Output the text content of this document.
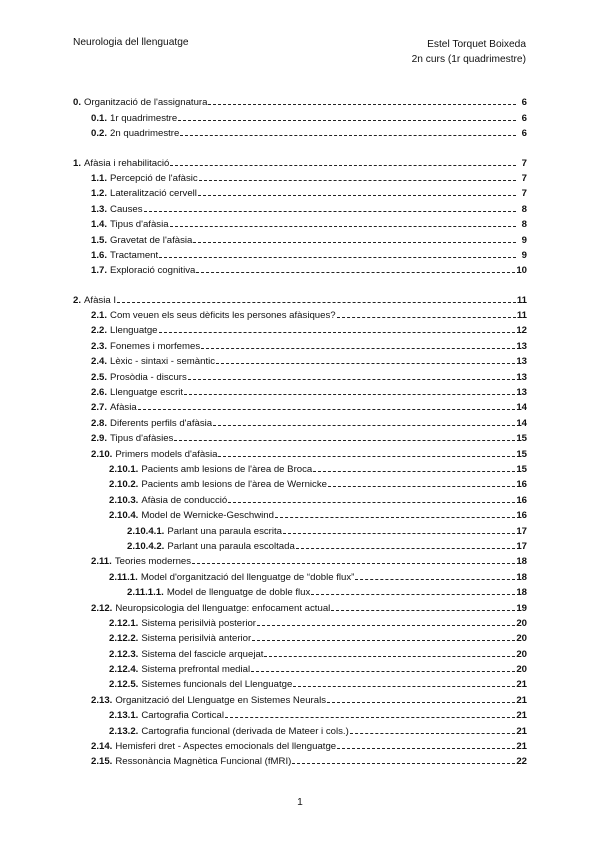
Neurologia del llenguatge	Estel Torquet Boixeda
2n curs (1r quadrimestre)
0. Organització de l'assignatura	6
0.1. 1r quadrimestre	6
0.2. 2n quadrimestre	6
1. Afàsia i rehabilitació	7
1.1. Percepció de l'afàsic	7
1.2. Lateralització cervell	7
1.3. Causes	8
1.4. Tipus d'afàsia	8
1.5. Gravetat de l'afàsia	9
1.6. Tractament	9
1.7. Exploració cognitiva	10
2. Afàsia I	11
2.1. Com veuen els seus dèficits les persones afàsiques?	11
2.2. Llenguatge	12
2.3. Fonemes i morfemes	13
2.4. Lèxic - sintaxi - semàntic	13
2.5. Prosòdia - discurs	13
2.6. Llenguatge escrit	13
2.7. Afàsia	14
2.8. Diferents perfils d'afàsia	14
2.9. Tipus d'afàsies	15
2.10. Primers models d'afàsia	15
2.10.1. Pacients amb lesions de l'àrea de Broca	15
2.10.2. Pacients amb lesions de l'àrea de Wernicke	16
2.10.3. Afàsia de conducció	16
2.10.4. Model de Wernicke-Geschwind	16
2.10.4.1. Parlant una paraula escrita	17
2.10.4.2. Parlant una paraula escoltada	17
2.11. Teories modernes	18
2.11.1. Model d'organització del llenguatge de “doble flux”	18
2.11.1.1. Model de llenguatge de doble flux	18
2.12. Neuropsicologia del llenguatge: enfocament actual	19
2.12.1. Sistema perisilvià posterior	20
2.12.2. Sistema perisilvià anterior	20
2.12.3. Sistema del fascicle arquejat	20
2.12.4. Sistema prefrontal medial	20
2.12.5. Sistemes funcionals del Llenguatge	21
2.13. Organització del Llenguatge en Sistemes Neurals	21
2.13.1. Cartografia Cortical	21
2.13.2. Cartografia funcional (derivada de Mateer i cols.)	21
2.14. Hemisferi dret - Aspectes emocionals del llenguatge	21
2.15. Ressonància Magnètica Funcional (fMRI)	22
1
